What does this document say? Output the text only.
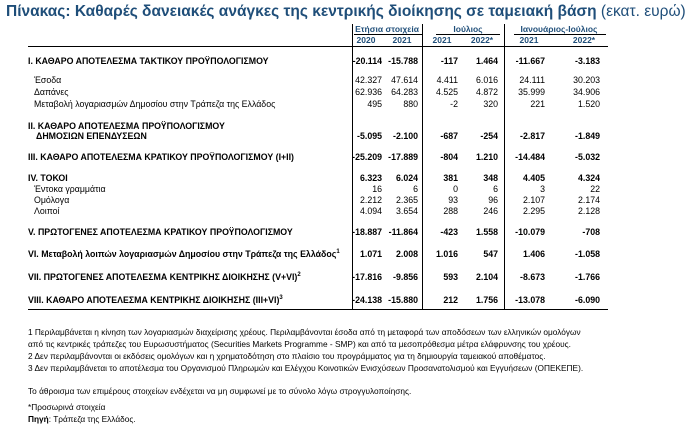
Πίνακας: Καθαρές δανειακές ανάγκες της κεντρικής διοίκησης σε ταμειακή βάση (εκατ. ευρώ)
Ετήσια στοιχεία	Ιούλιος	Ιανουάριος-Ιούλιος
2020	2021	2021	2022*	2021	2022*
Ι. ΚΑΘΑΡΟ ΑΠΟΤΕΛΕΣΜΑ ΤΑΚΤΙΚΟΥ ΠΡΟΫΠΟΛΟΓΙΣΜΟΥ	-20.114 -15.788	-117	1.464	-11.667	-3.183
Έσοδα	42.327	47.614	4.411	6.016	24.111	30.203
Δαπάνες	62.936	64.283	4.525	4.872	35.999	34.906
Μεταβολή λογαριασμών Δημοσίου στην Τράπεζα της Ελλάδος	495	880	-2	320	221	1.520
ΙΙ. ΚΑΘΑΡΟ ΑΠΟΤΕΛΕΣΜΑ ΠΡΟΫΠΟΛΟΓΙΣΜΟΥ
ΔΗΜΟΣΙΩΝ ΕΠΕΝΔΥΣΕΩΝ	-5.095	-2.100	-687	-254	-2.817	-1.849
ΙΙΙ. ΚΑΘΑΡΟ ΑΠΟΤΕΛΕΣΜΑ ΚΡΑΤΙΚΟΥ ΠΡΟΫΠΟΛΟΓΙΣΜΟΥ (Ι+ΙΙ)	-25.209 -17.889	-804	1.210	-14.484	-5.032
IV. ΤΟΚΟΙ	6.323	6.024	381	348	4.405	4.324
Έντοκα γραμμάτια	16	6	0	6	3	22
Ομόλογα	2.212	2.365	93	96	2.107	2.174
Λοιποί	4.094	3.654	288	246	2.295	2.128
V. ΠΡΩΤΟΓΕΝΕΣ ΑΠΟΤΕΛΕΣΜΑ ΚΡΑΤΙΚΟΥ ΠΡΟΫΠΟΛΟΓΙΣΜΟΥ	-18.887 -11.864	-423	1.558	-10.079	-708
VI. Μεταβολή λοιπών λογαριασμών Δημοσίου στην Τράπεζα της Ελλάδος$^1$	1.071	2.008	1.016	547	1.406	-1.058
VII. ΠΡΩΤΟΓΕΝΕΣ ΑΠΟΤΕΛΕΣΜΑ ΚΕΝΤΡΙΚΗΣ ΔΙΟΙΚΗΣΗΣ $(V+VI)^2$	-17.816	-9.856	593	2.104	-8.673	-1.766
VIII. ΚΑΘΑΡΟ ΑΠΟΤΕΛΕΣΜΑ ΚΕΝΤΡΙΚΗΣ ΔΙΟΙΚΗΣΗΣ $(III+VI)^3$	-24.138 -15.880	212	1.756	-13.078	-6.090
1 Περιλαμβάνεται η κίνηση των λογαριασμών διαχείρισης χρέους. Περιλαμβάνονται έσοδα από τη μεταφορά των αποδόσεων των ελληνικών ομολόγων
από τις κεντρικές τράπεζες του Ευρωσυστήματος (Securities Markets Programme - SMP) και από τα μεσοπρόθεσμα μέτρα ελάφρυνσης του χρέους.
2 Δεν περιλαμβάνονται οι εκδόσεις ομολόγων και η χρηματοδότηση στο πλαίσιο του προγράμματος για τη δημιουργία ταμειακού αποθέματος.
3 Δεν περιλαμβάνεται το αποτέλεσμα του Οργανισμού Πληρωμών και Ελέγχου Κοινοτικών Ενισχύσεων Προσανατολισμού και Εγγυήσεων (ΟΠΕΚΕΠΕ).
Το άθροισμα των επιμέρους στοιχείων ενδέχεται να μη συμφωνεί με το σύνολο λόγω στρογγυλοποίησης.
*Προσωρινά στοιχεία
Πηγή: Τράπεζα της Ελλάδος.
